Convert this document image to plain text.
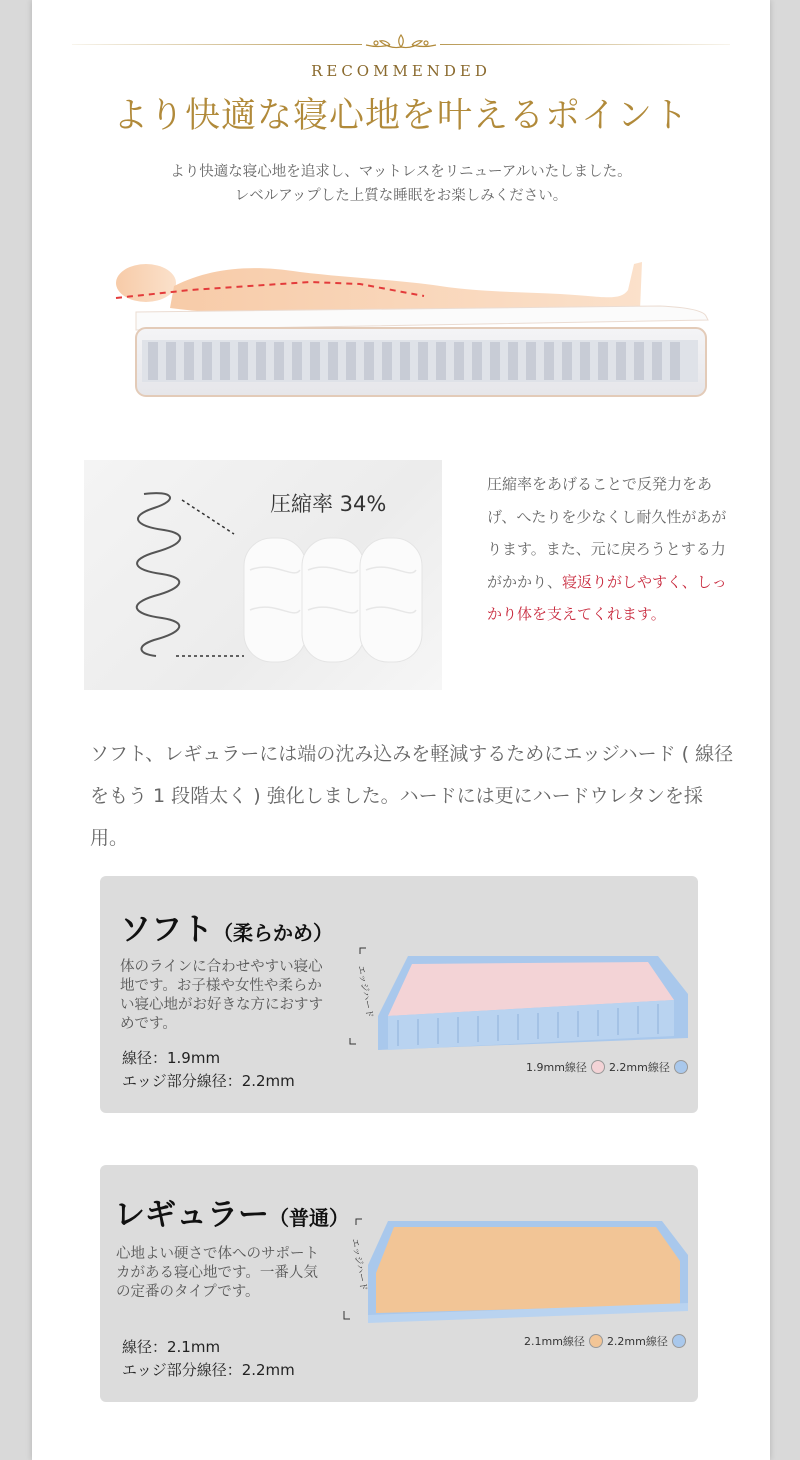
RECOMMENDED
より快適な寝心地を叶えるポイント
より快適な寝心地を追求し、マットレスをリニューアルいたしました。
レベルアップした上質な睡眠をお楽しみください。
圧縮率 34%
圧縮率をあげることで反発力をあげ、へたりを少なくし耐久性があがります。また、元に戻ろうとする力がかかり、寝返りがしやすく、しっかり体を支えてくれます。
ソフト、レギュラーには端の沈み込みを軽減するためにエッジハード ( 線径をもう 1 段階太く ) 強化しました。ハードには更にハードウレタンを採用。
ソフト（柔らかめ）
体のラインに合わせやすい寝心地です。お子様や女性や柔らかい寝心地がお好きな方におすすめです。
線径：1.9mm
エッジ部分線径：2.2mm
エッジハード
1.9mm線径 2.2mm線径
レギュラー（普通）
心地よい硬さで体へのサポートカがある寝心地です。一番人気の定番のタイプです。
線径：2.1mm
エッジ部分線径：2.2mm
エッジハード
2.1mm線径 2.2mm線径
